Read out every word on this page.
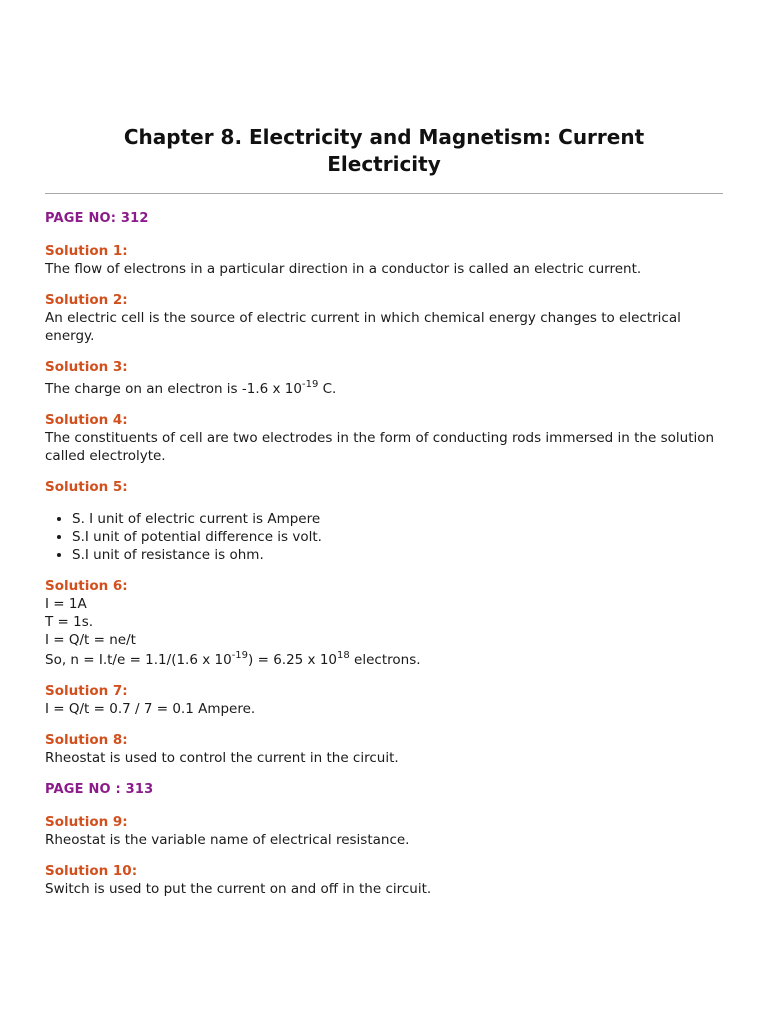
Chapter 8. Electricity and Magnetism: Current
Electricity
PAGE NO: 312
Solution 1:

The flow of electrons in a particular direction in a conductor is called an electric current.

Solution 2:

An electric cell is the source of electric current in which chemical energy changes to electrical energy.

Solution 3:

The charge on an electron is -1.6 x $10^{-19}$ C.

Solution 4:

The constituents of cell are two electrodes in the form of conducting rods immersed in the solution called electrolyte.

Solution 5:
• S. I unit of electric current is Ampere
• S.I unit of potential difference is volt.
• S.I unit of resistance is ohm.
Solution 6:

I = 1A

T = 1s.

I = Q/t = ne/t

So, n = I.t/e = 1.1/(1.6 x $10^{-19}) = 6.25$ x $10^{18}$ electrons.

Solution 7:

I = Q/t = 0.7 / 7 = 0.1 Ampere.

Solution 8:

Rheostat is used to control the current in the circuit.

PAGE NO : 313
Solution 9:

Rheostat is the variable name of electrical resistance.

Solution 10:

Switch is used to put the current on and off in the circuit.
